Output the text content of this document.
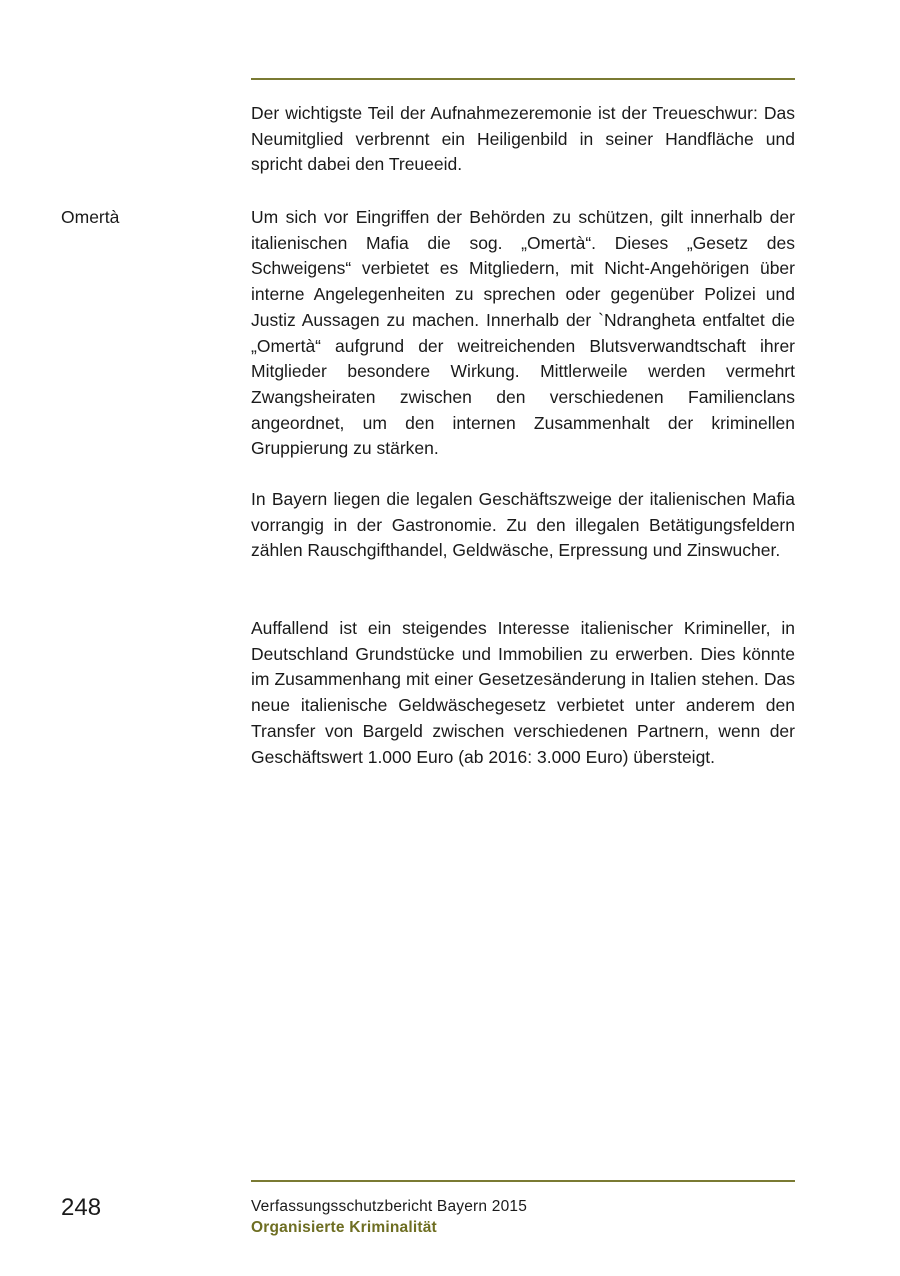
Der wichtigste Teil der Aufnahmezeremonie ist der Treueschwur: Das Neumitglied verbrennt ein Heiligenbild in seiner Handfläche und spricht dabei den Treueeid.

Omertà	Um sich vor Eingriffen der Behörden zu schützen, gilt innerhalb der italienischen Mafia die sog. „Omertà“. Dieses „Gesetz des Schweigens“ verbietet es Mitgliedern, mit Nicht-Angehörigen über interne Angelegenheiten zu sprechen oder gegenüber Polizei und Justiz Aussagen zu machen. Innerhalb der `Ndrangheta entfaltet die „Omertà“ aufgrund der weitreichenden Blutsverwandtschaft ihrer Mitglieder besondere Wirkung. Mittlerweile werden vermehrt Zwangsheiraten zwischen den verschiedenen Familienclans angeordnet, um den internen Zusammenhalt der kriminellen Gruppierung zu stärken.

In Bayern liegen die legalen Geschäftszweige der italienischen Mafia vorrangig in der Gastronomie. Zu den illegalen Betätigungsfeldern zählen Rauschgifthandel, Geldwäsche, Erpressung und Zinswucher.

Auffallend ist ein steigendes Interesse italienischer Krimineller, in Deutschland Grundstücke und Immobilien zu erwerben. Dies könnte im Zusammenhang mit einer Gesetzesänderung in Italien stehen. Das neue italienische Geldwäschegesetz verbietet unter anderem den Transfer von Bargeld zwischen verschiedenen Partnern, wenn der Geschäftswert 1.000 Euro (ab 2016: 3.000 Euro) übersteigt.

248	Verfassungsschutzbericht Bayern 2015
Organisierte Kriminalität
